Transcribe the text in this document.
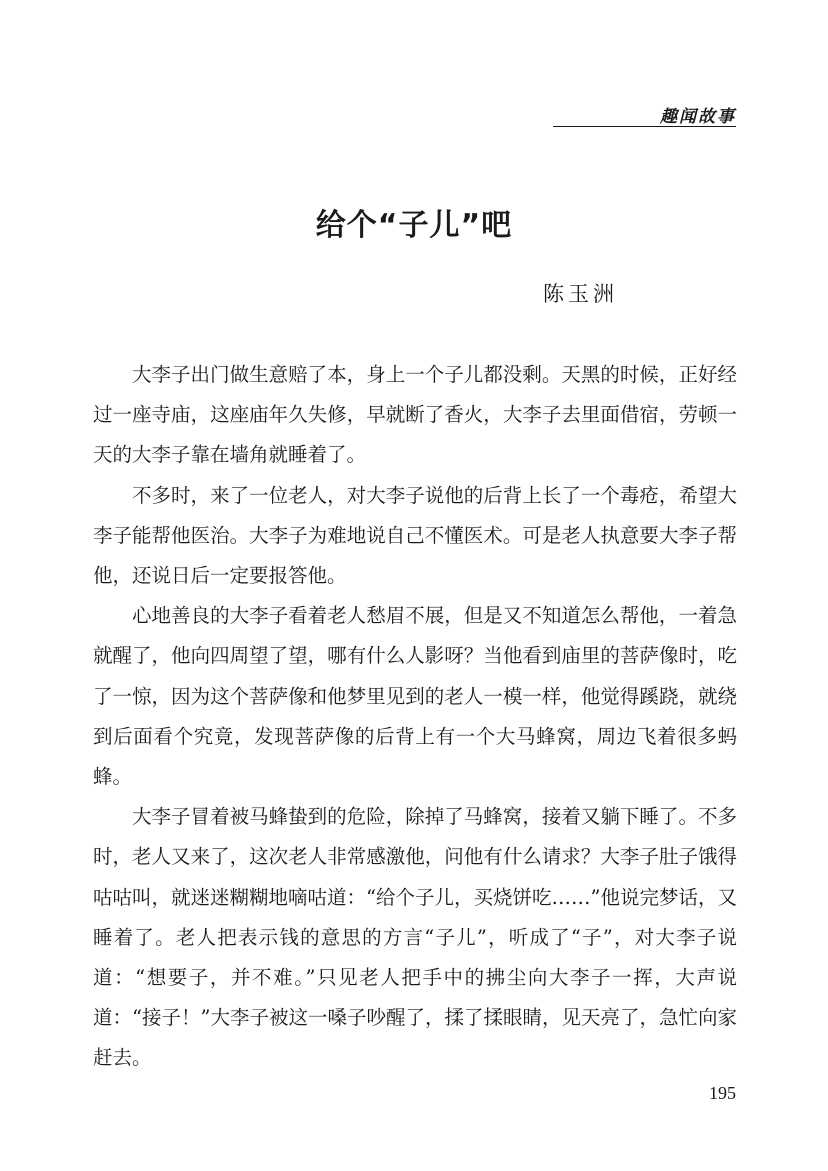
趣闻故事
给个“子儿”吧
陈玉洲

大李子出门做生意赔了本，身上一个子儿都没剩。天黑的时候，正好经过一座寺庙，这座庙年久失修，早就断了香火，大李子去里面借宿，劳顿一天的大李子靠在墙角就睡着了。

不多时，来了一位老人，对大李子说他的后背上长了一个毒疮，希望大李子能帮他医治。大李子为难地说自己不懂医术。可是老人执意要大李子帮他，还说日后一定要报答他。

心地善良的大李子看着老人愁眉不展，但是又不知道怎么帮他，一着急就醒了，他向四周望了望，哪有什么人影呀？当他看到庙里的菩萨像时，吃了一惊，因为这个菩萨像和他梦里见到的老人一模一样，他觉得蹊跷，就绕到后面看个究竟，发现菩萨像的后背上有一个大马蜂窝，周边飞着很多蚂蜂。

大李子冒着被马蜂蛰到的危险，除掉了马蜂窝，接着又躺下睡了。不多时，老人又来了，这次老人非常感激他，问他有什么请求？大李子肚子饿得咕咕叫，就迷迷糊糊地嘀咕道：“给个子儿，买烧饼吃……”他说完梦话，又睡着了。老人把表示钱的意思的方言“子儿”，听成了“子”，对大李子说道：“想要子，并不难。”只见老人把手中的拂尘向大李子一挥，大声说道：“接子！”大李子被这一嗓子吵醒了，揉了揉眼睛，见天亮了，急忙向家赶去。

195
